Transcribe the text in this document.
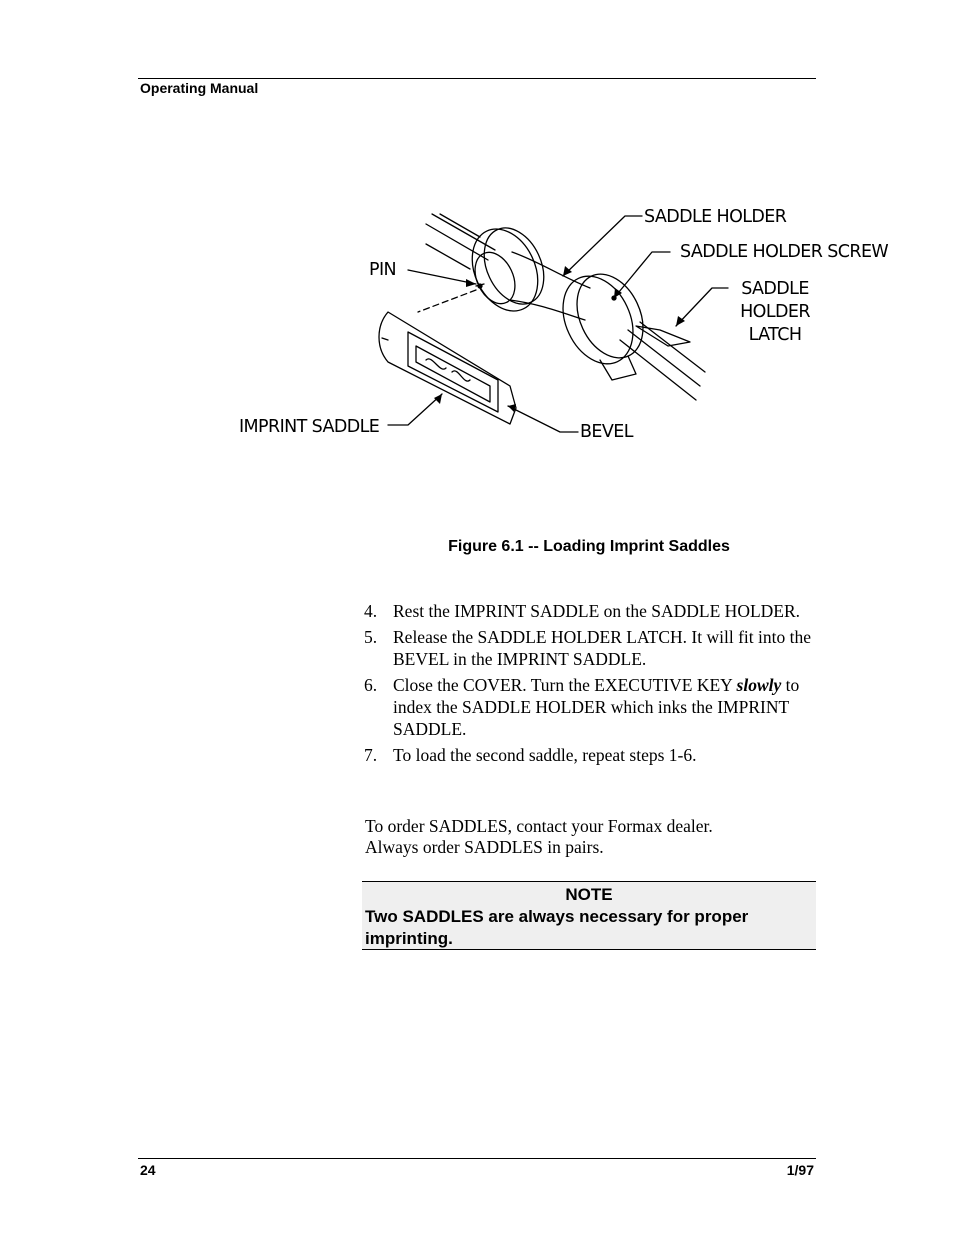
Operating Manual
SADDLE HOLDER
SADDLE HOLDER SCREW
SADDLE
HOLDER
LATCH
PIN
IMPRINT SADDLE	BEVEL
Figure 6.1 -- Loading Imprint Saddles
4. Rest the IMPRINT SADDLE on the SADDLE HOLDER.
5. Release the SADDLE HOLDER LATCH. It will fit into the BEVEL in the IMPRINT SADDLE.
6. Close the COVER. Turn the EXECUTIVE KEY slowly to index the SADDLE HOLDER which inks the IMPRINT SADDLE.
7. To load the second saddle, repeat steps 1-6.

To order SADDLES, contact your Formax dealer.
Always order SADDLES in pairs.

NOTE
Two SADDLES are always necessary for proper imprinting.
24	1/97
